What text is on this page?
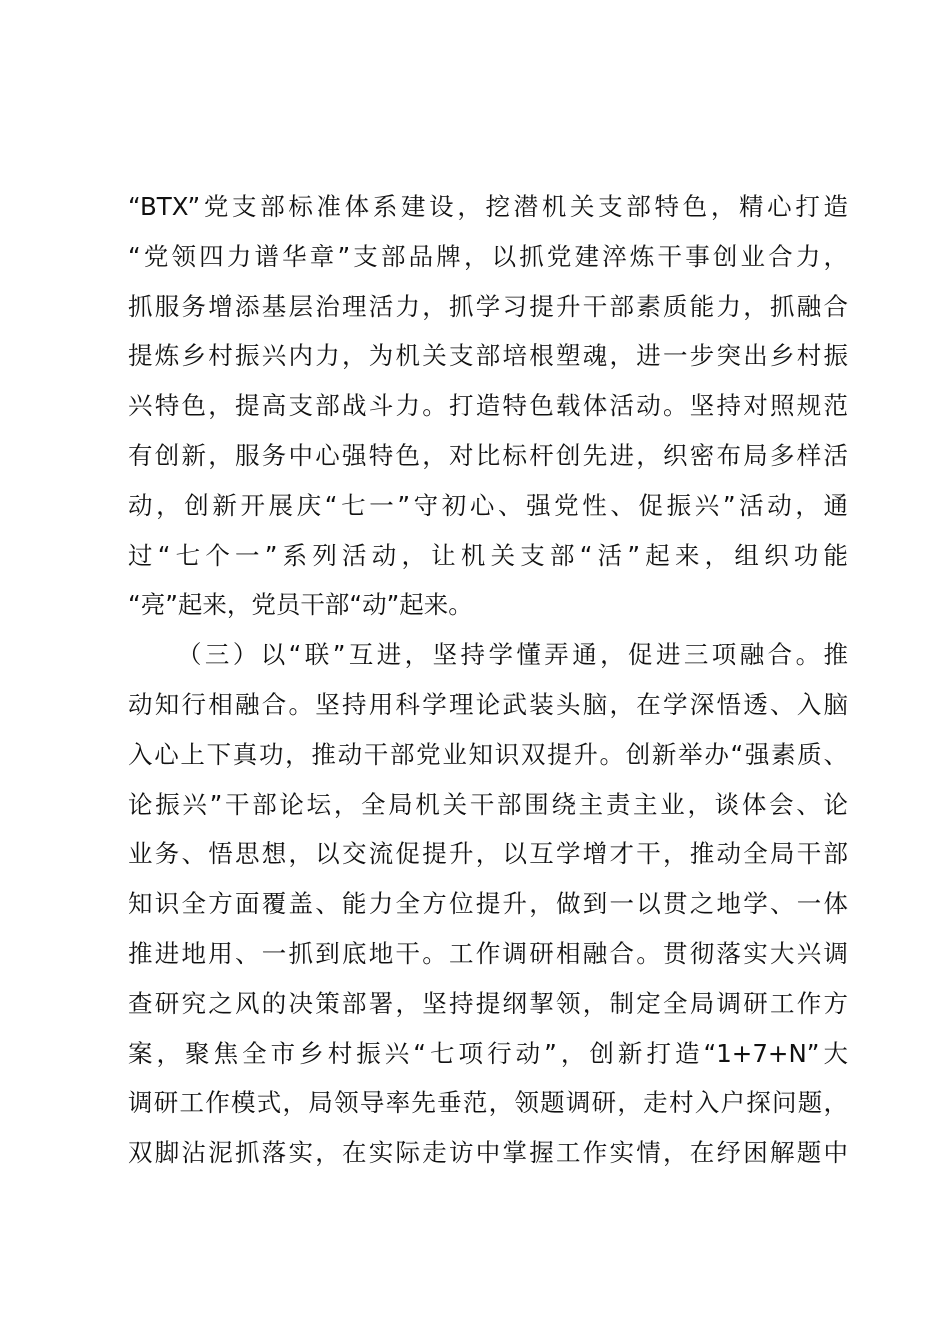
“BTX”党支部标准体系建设，挖潜机关支部特色，精心打造
“党领四力谱华章”支部品牌，以抓党建淬炼干事创业合力，
抓服务增添基层治理活力，抓学习提升干部素质能力，抓融合
提炼乡村振兴内力，为机关支部培根塑魂，进一步突出乡村振
兴特色，提高支部战斗力。打造特色载体活动。坚持对照规范
有创新，服务中心强特色，对比标杆创先进，织密布局多样活
动，创新开展庆“七一”守初心、强党性、促振兴”活动，通
过“七个一”系列活动，让机关支部“活”起来，组织功能
“亮”起来，党员干部“动”起来。
（三）以“联”互进，坚持学懂弄通，促进三项融合。推
动知行相融合。坚持用科学理论武装头脑，在学深悟透、入脑
入心上下真功，推动干部党业知识双提升。创新举办“强素质、
论振兴”干部论坛，全局机关干部围绕主责主业，谈体会、论
业务、悟思想，以交流促提升，以互学增才干，推动全局干部
知识全方面覆盖、能力全方位提升，做到一以贯之地学、一体
推进地用、一抓到底地干。工作调研相融合。贯彻落实大兴调
查研究之风的决策部署，坚持提纲挈领，制定全局调研工作方
案，聚焦全市乡村振兴“七项行动”，创新打造“1+7+N”大
调研工作模式，局领导率先垂范，领题调研，走村入户探问题，
双脚沾泥抓落实，在实际走访中掌握工作实情，在纾困解题中
